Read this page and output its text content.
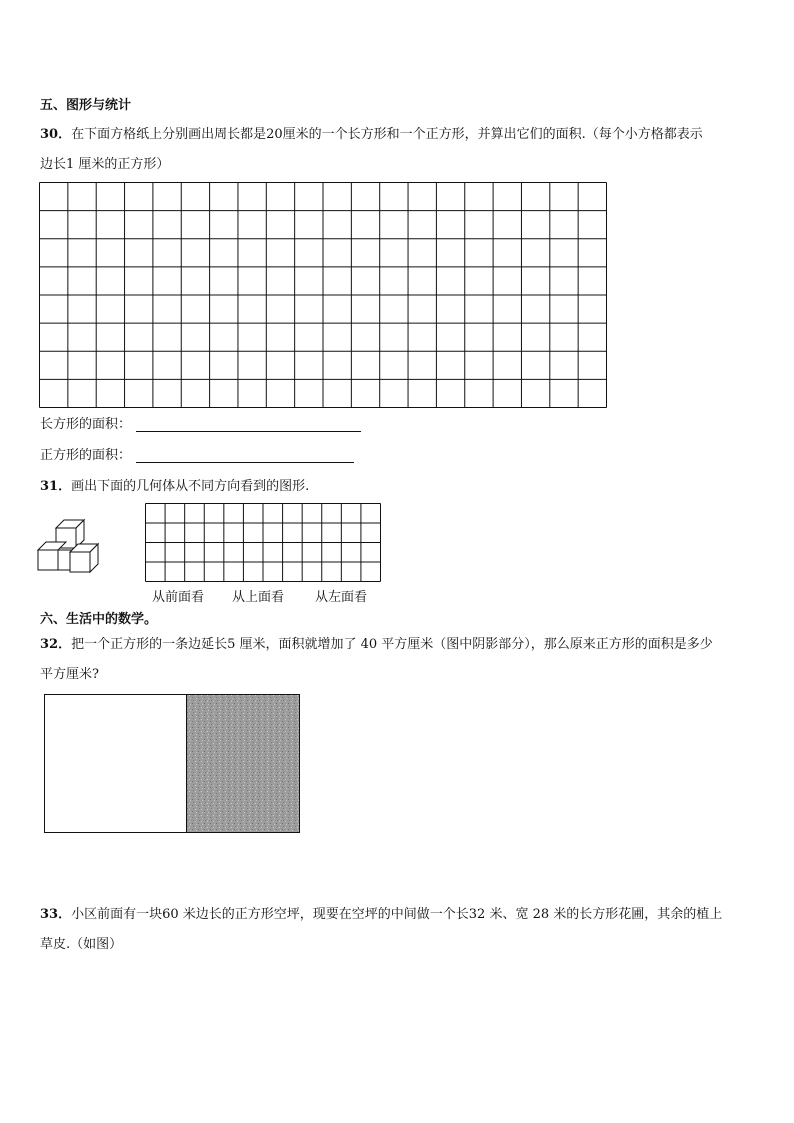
五、图形与统计
30．在下面方格纸上分别画出周长都是20厘米的一个长方形和一个正方形，并算出它们的面积.（每个小方格都表示
边长1 厘米的正方形）
长方形的面积：
正方形的面积：
31．画出下面的几何体从不同方向看到的图形.
从前面看 从上面看 从左面看
六、生活中的数学。
32．把一个正方形的一条边延长5 厘米，面积就增加了 40 平方厘米（图中阴影部分），那么原来正方形的面积是多少
平方厘米?
33．小区前面有一块60 米边长的正方形空坪，现要在空坪的中间做一个长32 米、宽 28 米的长方形花圃，其余的植上
草皮.（如图）
